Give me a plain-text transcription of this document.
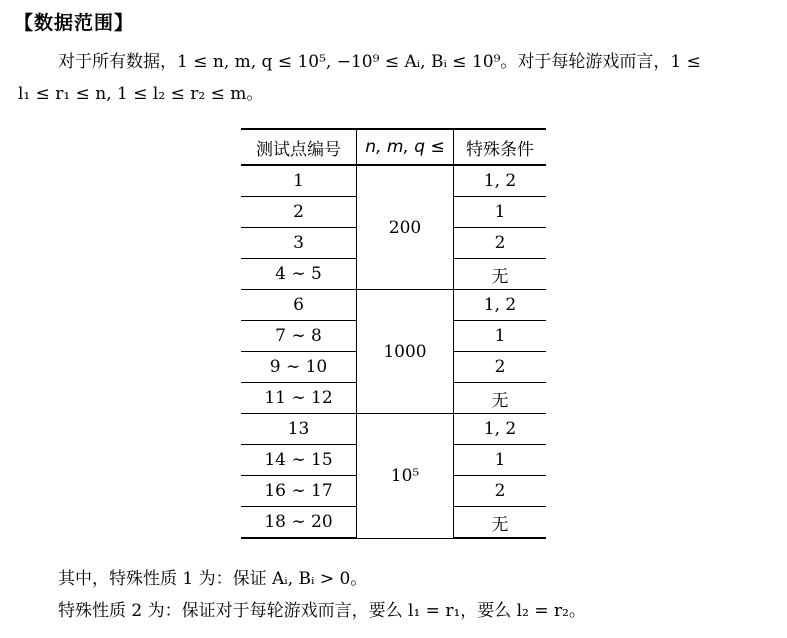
【数据范围】
对于所有数据，1 ≤ n, m, q ≤ 10⁵, −10⁹ ≤ Aᵢ, Bᵢ ≤ 10⁹。对于每轮游戏而言，1 ≤
l₁ ≤ r₁ ≤ n, 1 ≤ l₂ ≤ r₂ ≤ m。
测试点编号	n, m, q ≤	特殊条件
1	200	1, 2
2		1
3		2
4 ∼ 5		无
6	1000	1, 2
7 ∼ 8		1
9 ∼ 10		2
11 ∼ 12		无
13	10⁵	1, 2
14 ∼ 15		1
16 ∼ 17		2
18 ∼ 20		无
其中，特殊性质 1 为：保证 Aᵢ, Bᵢ > 0。
特殊性质 2 为：保证对于每轮游戏而言，要么 l₁ = r₁，要么 l₂ = r₂。
